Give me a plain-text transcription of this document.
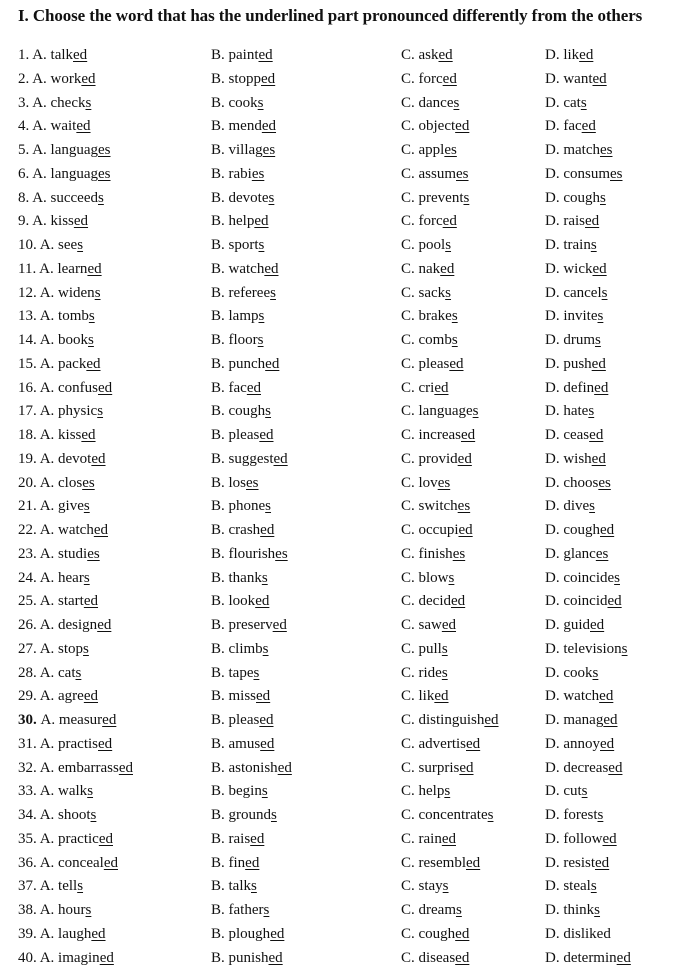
I. Choose the word that has the underlined part pronounced differently from the others
1. A. talked	B. painted	C. asked	D. liked
2. A. worked	B. stopped	C. forced	D. wanted
3. A. checks	B. cooks	C. dances	D. cats
4. A. waited	B. mended	C. objected	D. faced
5. A. languages	B. villages	C. apples	D. matches
6. A. languages	B. rabies	C. assumes	D. consumes
8. A. succeeds	B. devotes	C. prevents	D. coughs
9. A. kissed	B. helped	C. forced	D. raised
10. A. sees	B. sports	C. pools	D. trains
11. A. learned	B. watched	C. naked	D. wicked
12. A. widens	B. referees	C. sacks	D. cancels
13. A. tombs	B. lamps	C. brakes	D. invites
14. A. books	B. floors	C. combs	D. drums
15. A. packed	B. punched	C. pleased	D. pushed
16. A. confused	B. faced	C. cried	D. defined
17. A. physics	B. coughs	C. languages	D. hates
18. A. kissed	B. pleased	C. increased	D. ceased
19. A. devoted	B. suggested	C. provided	D. wished
20. A. closes	B. loses	C. loves	D. chooses
21. A. gives	B. phones	C. switches	D. dives
22. A. watched	B. crashed	C. occupied	D. coughed
23. A. studies	B. flourishes	C. finishes	D. glances
24. A. hears	B. thanks	C. blows	D. coincides
25. A. started	B. looked	C. decided	D. coincided
26. A. designed	B. preserved	C. sawed	D. guided
27. A. stops	B. climbs	C. pulls	D. televisions
28. A. cats	B. tapes	C. rides	D. cooks
29. A. agreed	B. missed	C. liked	D. watched
30. A. measured	B. pleased	C. distinguished	D. managed
31. A. practised	B. amused	C. advertised	D. annoyed
32. A. embarrassed	B. astonished	C. surprised	D. decreased
33. A. walks	B. begins	C. helps	D. cuts
34. A. shoots	B. grounds	C. concentrates	D. forests
35. A. practiced	B. raised	C. rained	D. followed
36. A. concealed	B. fined	C. resembled	D. resisted
37. A. tells	B. talks	C. stays	D. steals
38. A. hours	B. fathers	C. dreams	D. thinks
39. A. laughed	B. ploughed	C. coughed	D. disliked
40. A. imagined	B. punished	C. diseased	D. determined
